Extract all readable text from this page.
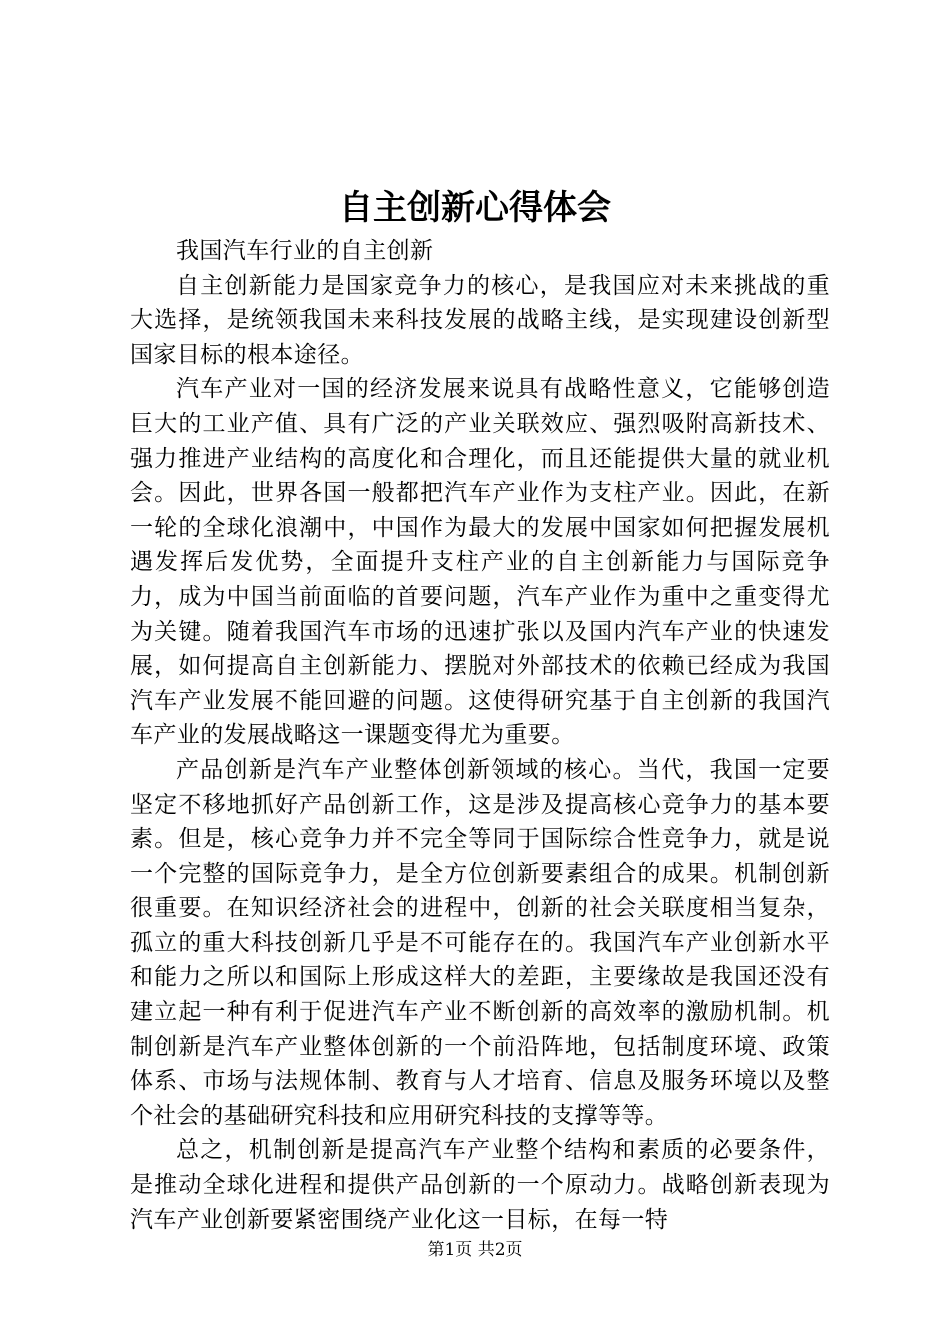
自主创新心得体会

我国汽车行业的自主创新

自主创新能力是国家竞争力的核心，是我国应对未来挑战的重大选择，是统领我国未来科技发展的战略主线，是实现建设创新型国家目标的根本途径。

汽车产业对一国的经济发展来说具有战略性意义，它能够创造巨大的工业产值、具有广泛的产业关联效应、强烈吸附高新技术、强力推进产业结构的高度化和合理化，而且还能提供大量的就业机会。因此，世界各国一般都把汽车产业作为支柱产业。因此，在新一轮的全球化浪潮中，中国作为最大的发展中国家如何把握发展机遇发挥后发优势，全面提升支柱产业的自主创新能力与国际竞争力，成为中国当前面临的首要问题，汽车产业作为重中之重变得尤为关键。随着我国汽车市场的迅速扩张以及国内汽车产业的快速发展，如何提高自主创新能力、摆脱对外部技术的依赖已经成为我国汽车产业发展不能回避的问题。这使得研究基于自主创新的我国汽车产业的发展战略这一课题变得尤为重要。

产品创新是汽车产业整体创新领域的核心。当代，我国一定要坚定不移地抓好产品创新工作，这是涉及提高核心竞争力的基本要素。但是，核心竞争力并不完全等同于国际综合性竞争力，就是说一个完整的国际竞争力，是全方位创新要素组合的成果。机制创新很重要。在知识经济社会的进程中，创新的社会关联度相当复杂，孤立的重大科技创新几乎是不可能存在的。我国汽车产业创新水平和能力之所以和国际上形成这样大的差距，主要缘故是我国还没有建立起一种有利于促进汽车产业不断创新的高效率的激励机制。机制创新是汽车产业整体创新的一个前沿阵地，包括制度环境、政策体系、市场与法规体制、教育与人才培育、信息及服务环境以及整个社会的基础研究科技和应用研究科技的支撑等等。

总之，机制创新是提高汽车产业整个结构和素质的必要条件，是推动全球化进程和提供产品创新的一个原动力。战略创新表现为汽车产业创新要紧密围绕产业化这一目标，在每一特

第1页 共2页
